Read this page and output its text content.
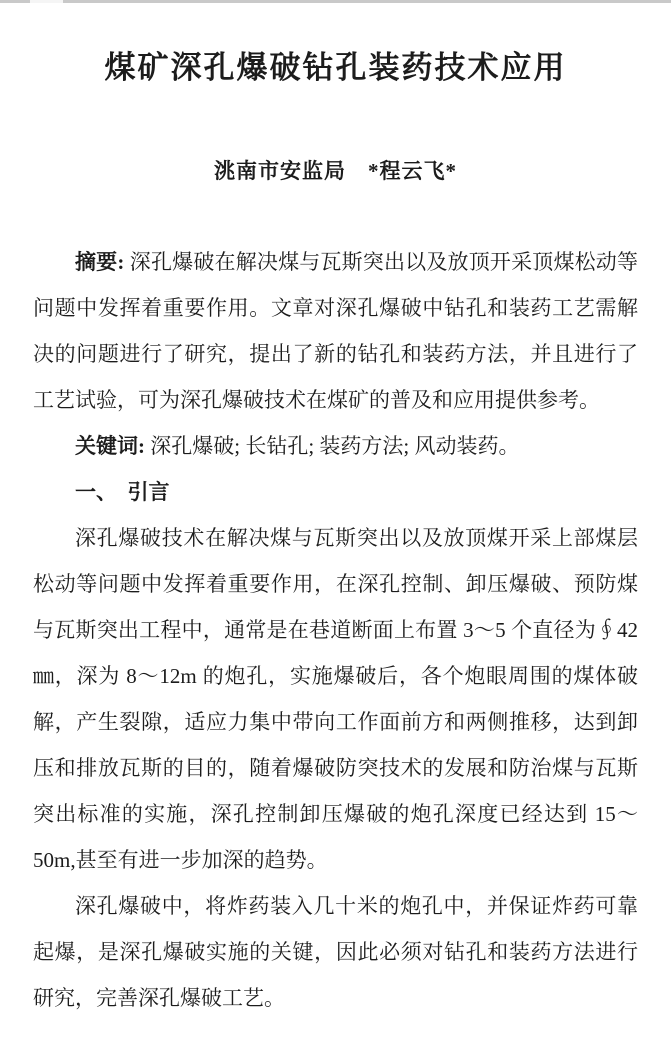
煤矿深孔爆破钻孔装药技术应用
洮南市安监局　*程云飞*

摘要: 深孔爆破在解决煤与瓦斯突出以及放顶开采顶煤松动等问题中发挥着重要作用。文章对深孔爆破中钻孔和装药工艺需解决的问题进行了研究，提出了新的钻孔和装药方法，并且进行了工艺试验，可为深孔爆破技术在煤矿的普及和应用提供参考。

关键词: 深孔爆破; 长钻孔; 装药方法; 风动装药。

一、　引言

深孔爆破技术在解决煤与瓦斯突出以及放顶煤开采上部煤层松动等问题中发挥着重要作用，在深孔控制、卸压爆破、预防煤与瓦斯突出工程中，通常是在巷道断面上布置 3～5 个直径为∮42 ㎜，深为 8～12m 的炮孔，实施爆破后，各个炮眼周围的煤体破解，产生裂隙，适应力集中带向工作面前方和两侧推移，达到卸压和排放瓦斯的目的，随着爆破防突技术的发展和防治煤与瓦斯突出标准的实施，深孔控制卸压爆破的炮孔深度已经达到 15～50m,甚至有进一步加深的趋势。

深孔爆破中，将炸药装入几十米的炮孔中，并保证炸药可靠起爆，是深孔爆破实施的关键，因此必须对钻孔和装药方法进行研究，完善深孔爆破工艺。
